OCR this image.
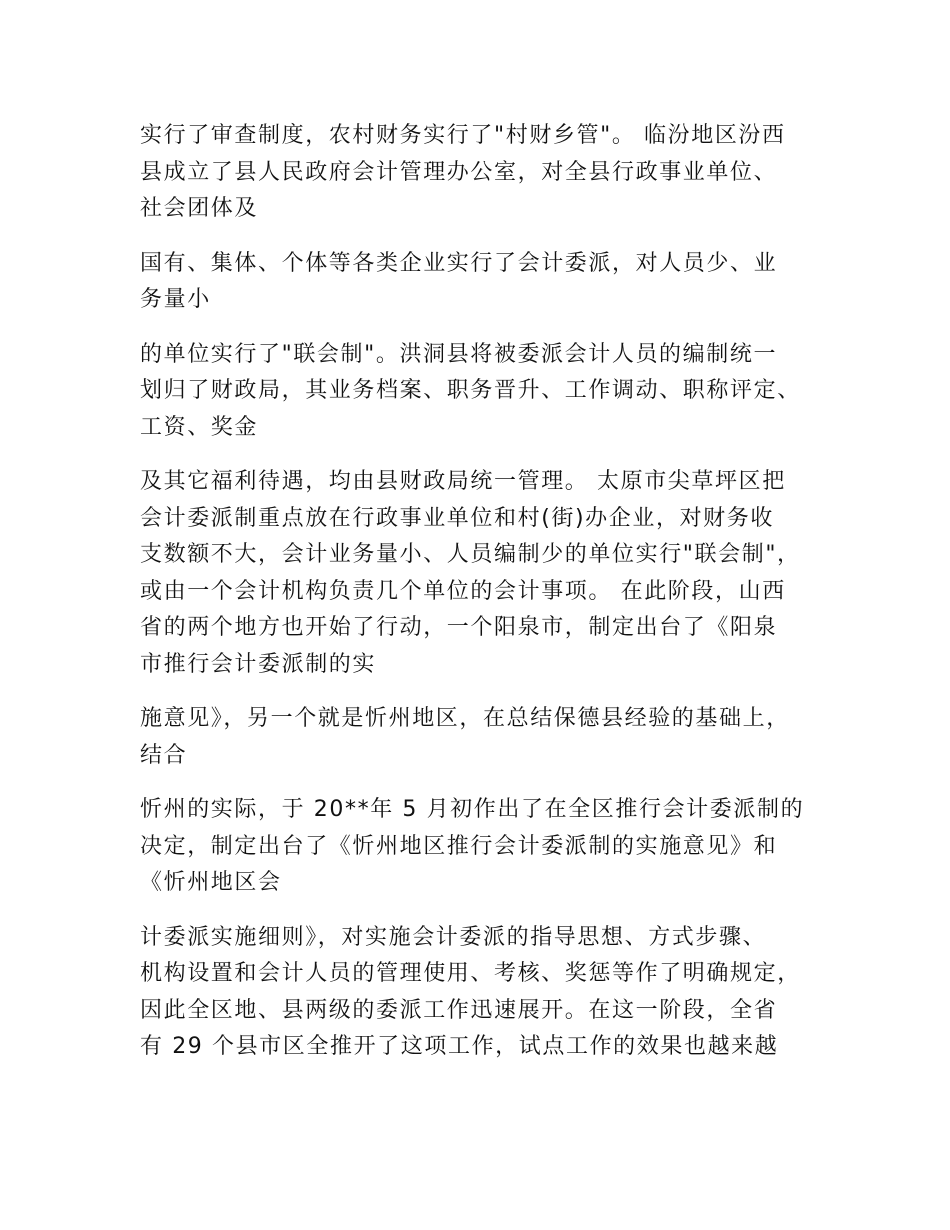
实行了审查制度，农村财务实行了"村财乡管"。 临汾地区汾西
县成立了县人民政府会计管理办公室，对全县行政事业单位、
社会团体及

国有、集体、个体等各类企业实行了会计委派，对人员少、业
务量小

的单位实行了"联会制"。洪洞县将被委派会计人员的编制统一
划归了财政局，其业务档案、职务晋升、工作调动、职称评定、
工资、奖金

及其它福利待遇，均由县财政局统一管理。 太原市尖草坪区把
会计委派制重点放在行政事业单位和村(街)办企业，对财务收
支数额不大，会计业务量小、人员编制少的单位实行"联会制"，
或由一个会计机构负责几个单位的会计事项。 在此阶段，山西
省的两个地方也开始了行动，一个阳泉市，制定出台了《阳泉
市推行会计委派制的实

施意见》，另一个就是忻州地区，在总结保德县经验的基础上，
结合

忻州的实际，于 20**年 5 月初作出了在全区推行会计委派制的
决定，制定出台了《忻州地区推行会计委派制的实施意见》和
《忻州地区会

计委派实施细则》，对实施会计委派的指导思想、方式步骤、
机构设置和会计人员的管理使用、考核、奖惩等作了明确规定，
因此全区地、县两级的委派工作迅速展开。在这一阶段，全省
有 29 个县市区全推开了这项工作，试点工作的效果也越来越
